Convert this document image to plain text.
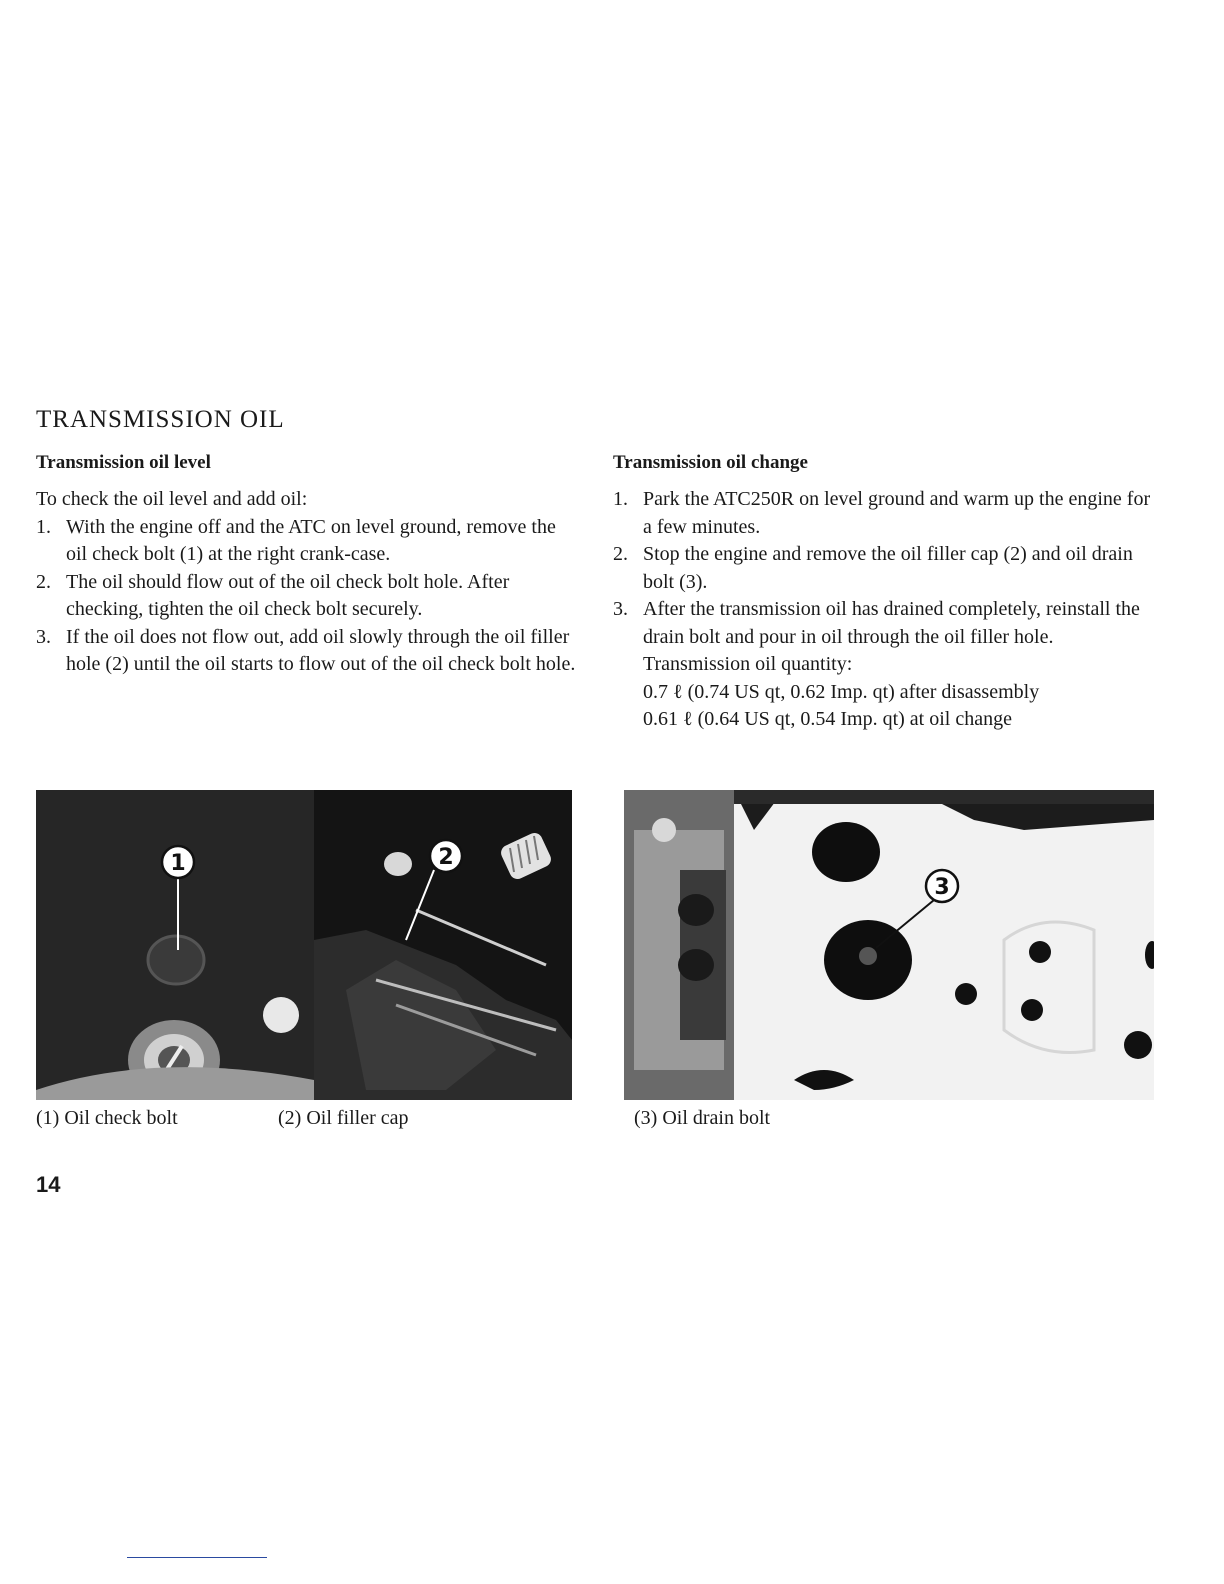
TRANSMISSION OIL
Transmission oil level

To check the oil level and add oil:

1. With the engine off and the ATC on level ground, remove the oil check bolt (1) at the right crank-case.
2. The oil should flow out of the oil check bolt hole. After checking, tighten the oil check bolt securely.
3. If the oil does not flow out, add oil slowly through the oil filler hole (2) until the oil starts to flow out of the oil check bolt hole.
Transmission oil change
1. Park the ATC250R on level ground and warm up the engine for a few minutes.
2. Stop the engine and remove the oil filler cap (2) and oil drain bolt (3).
3. After the transmission oil has drained completely, reinstall the drain bolt and pour in oil through the oil filler hole.
Transmission oil quantity:
0.7 ℓ (0.74 US qt, 0.62 Imp. qt) after disassembly
0.61 ℓ (0.64 US qt, 0.54 Imp. qt) at oil change
1	2
3
(1) Oil check bolt	(2) Oil filler cap	(3) Oil drain bolt
14
